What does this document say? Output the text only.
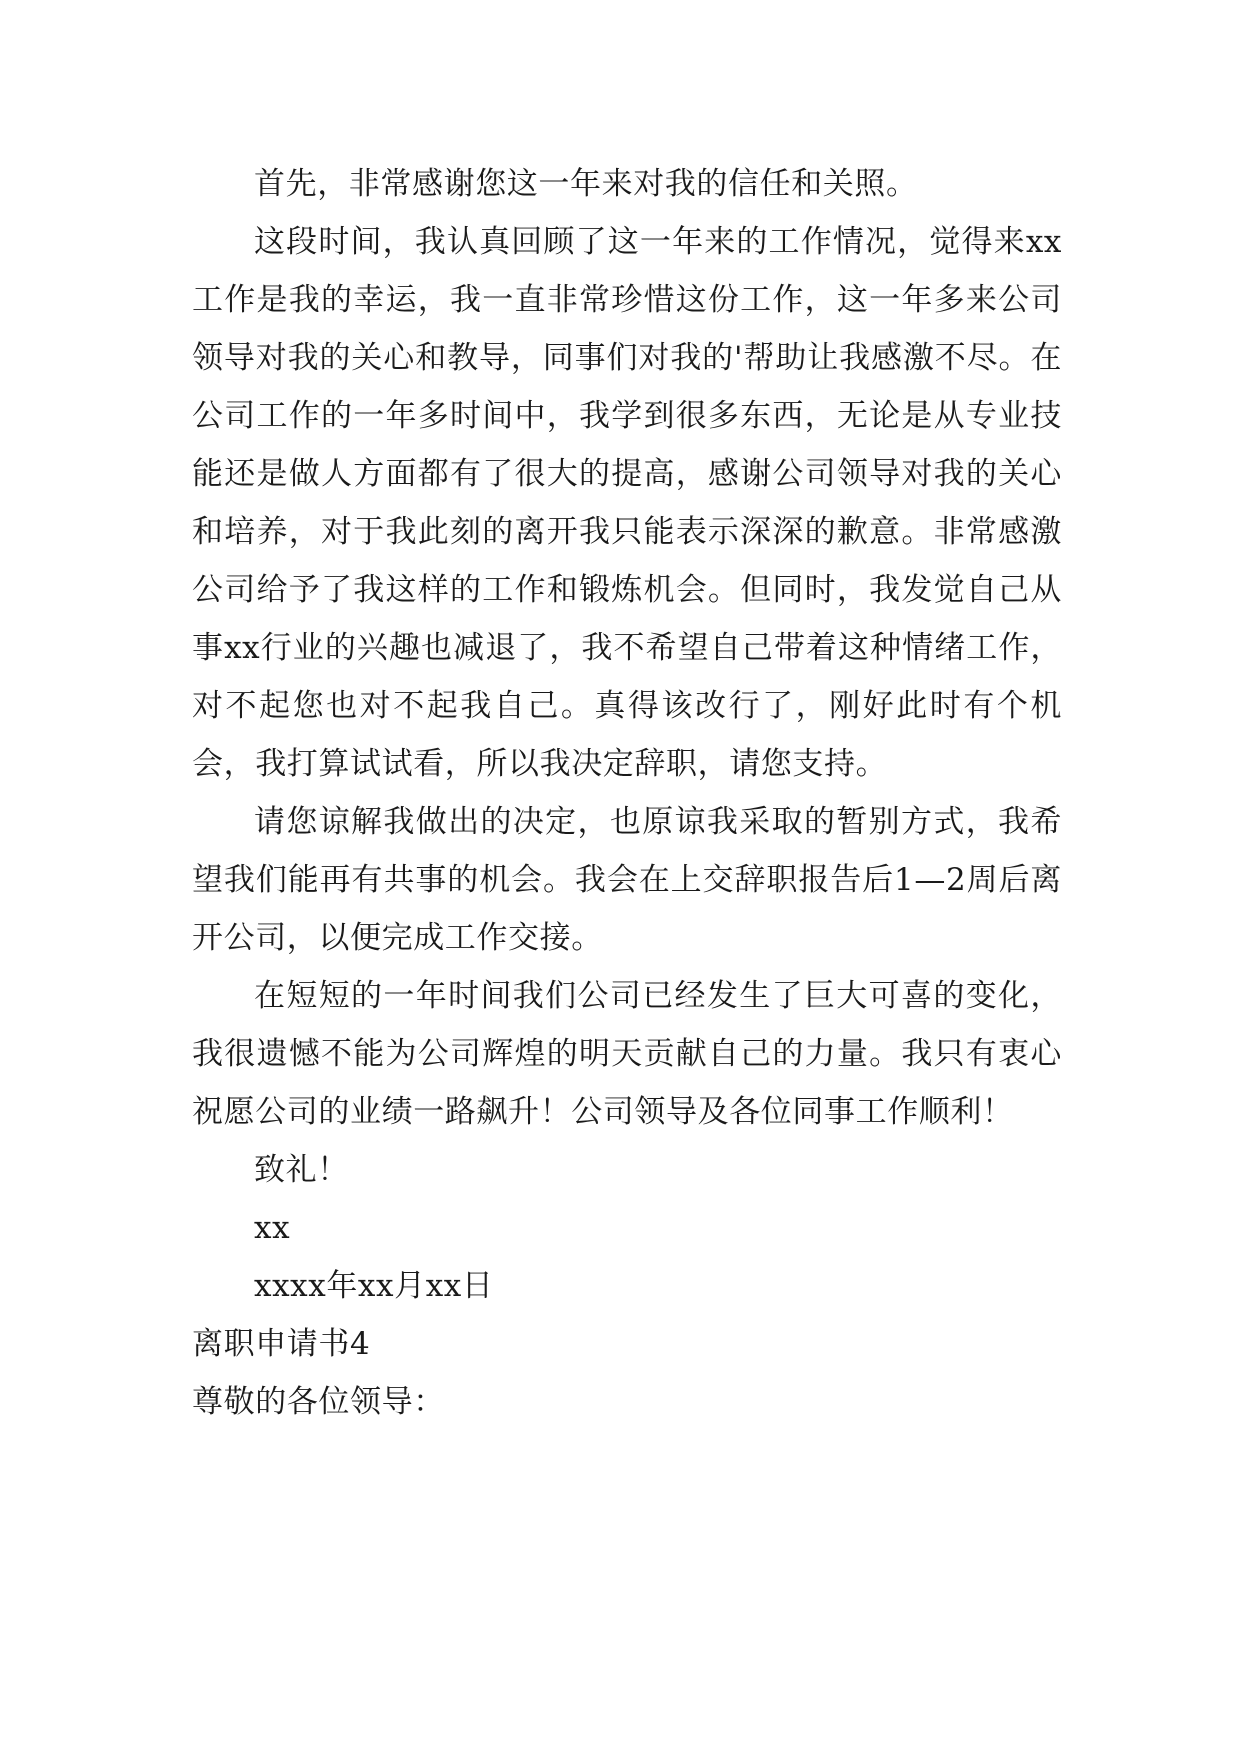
首先，非常感谢您这一年来对我的信任和关照。

这段时间，我认真回顾了这一年来的工作情况，觉得来xx工作是我的幸运，我一直非常珍惜这份工作，这一年多来公司领导对我的关心和教导，同事们对我的'帮助让我感激不尽。在公司工作的一年多时间中，我学到很多东西，无论是从专业技能还是做人方面都有了很大的提高，感谢公司领导对我的关心和培养，对于我此刻的离开我只能表示深深的歉意。非常感激公司给予了我这样的工作和锻炼机会。但同时，我发觉自己从事xx行业的兴趣也减退了，我不希望自己带着这种情绪工作，对不起您也对不起我自己。真得该改行了，刚好此时有个机会，我打算试试看，所以我决定辞职，请您支持。

请您谅解我做出的决定，也原谅我采取的暂别方式，我希望我们能再有共事的机会。我会在上交辞职报告后1—2周后离开公司，以便完成工作交接。

在短短的一年时间我们公司已经发生了巨大可喜的变化，我很遗憾不能为公司辉煌的明天贡献自己的力量。我只有衷心祝愿公司的业绩一路飙升！公司领导及各位同事工作顺利！

致礼！
xx
xxxx年xx月xx日
离职申请书4
尊敬的各位领导：
